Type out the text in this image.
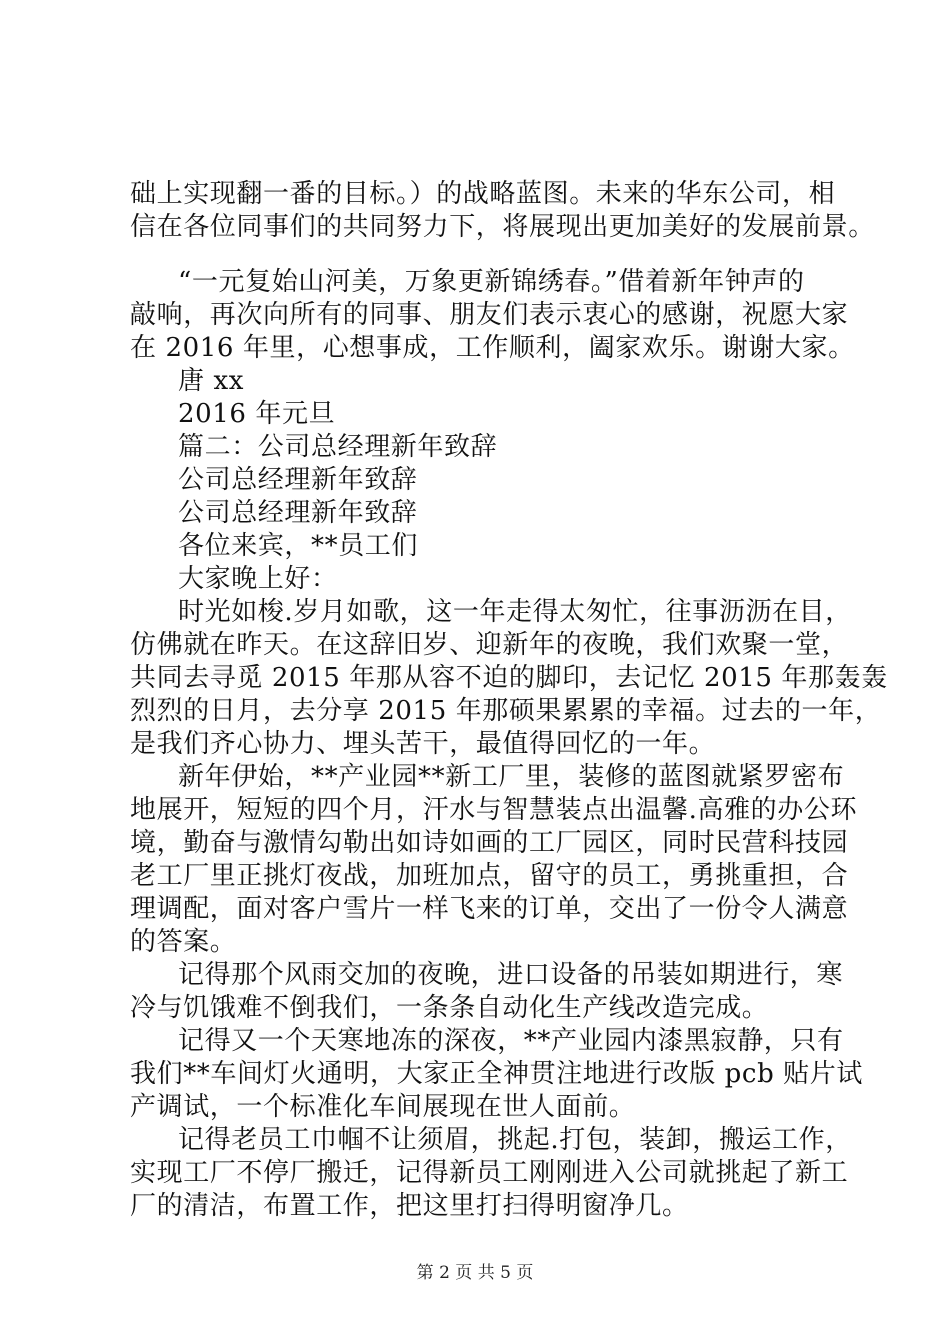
础上实现翻一番的目标。）的战略蓝图。未来的华东公司，相

信在各位同事们的共同努力下，将展现出更加美好的发展前景。

“一元复始山河美，万象更新锦绣春。”借着新年钟声的

敲响，再次向所有的同事、朋友们表示衷心的感谢，祝愿大家

在 2016 年里，心想事成，工作顺利，阖家欢乐。谢谢大家。

唐 xx

2016 年元旦

篇二：公司总经理新年致辞

公司总经理新年致辞

公司总经理新年致辞

各位来宾，**员工们

大家晚上好：

时光如梭.岁月如歌，这一年走得太匆忙，往事沥沥在目，

仿佛就在昨天。在这辞旧岁、迎新年的夜晚，我们欢聚一堂，

共同去寻觅 2015 年那从容不迫的脚印，去记忆 2015 年那轰轰

烈烈的日月，去分享 2015 年那硕果累累的幸福。过去的一年，

是我们齐心协力、埋头苦干，最值得回忆的一年。

新年伊始，**产业园**新工厂里，装修的蓝图就紧罗密布

地展开，短短的四个月，汗水与智慧装点出温馨.高雅的办公环

境，勤奋与激情勾勒出如诗如画的工厂园区，同时民营科技园

老工厂里正挑灯夜战，加班加点，留守的员工，勇挑重担，合

理调配，面对客户雪片一样飞来的订单，交出了一份令人满意

的答案。

记得那个风雨交加的夜晚，进口设备的吊装如期进行，寒

冷与饥饿难不倒我们，一条条自动化生产线改造完成。

记得又一个天寒地冻的深夜，**产业园内漆黑寂静，只有

我们**车间灯火通明，大家正全神贯注地进行改版 pcb 贴片试

产调试，一个标准化车间展现在世人面前。

记得老员工巾帼不让须眉，挑起.打包，装卸，搬运工作，

实现工厂不停厂搬迁，记得新员工刚刚进入公司就挑起了新工

厂的清洁，布置工作，把这里打扫得明窗净几。

第 2 页 共 5 页
